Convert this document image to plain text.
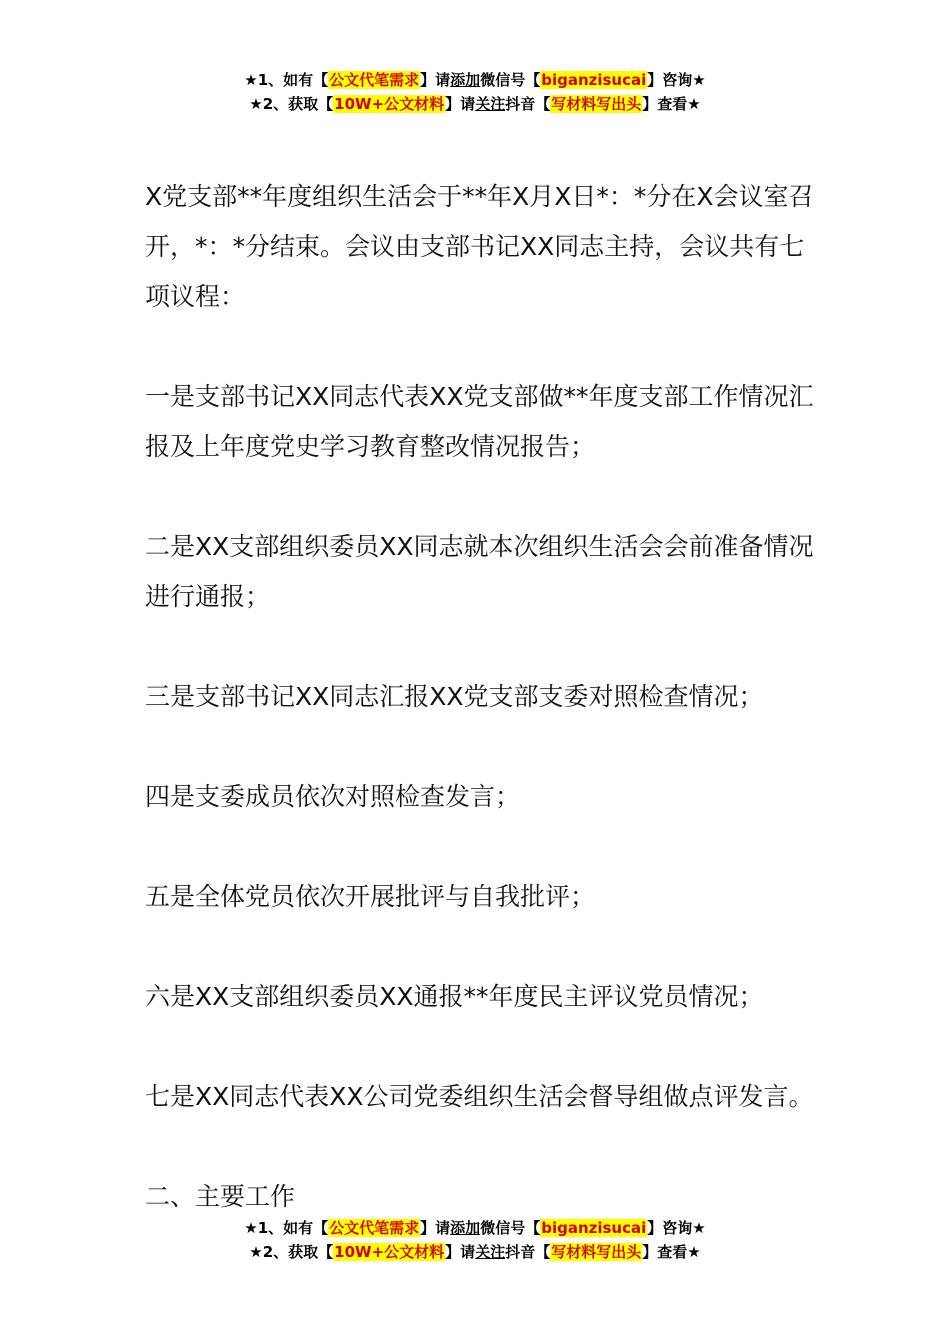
★1、如有【公文代笔需求】请添加微信号【biganzisucai】咨询★
★2、获取【10W+公文材料】请关注抖音【写材料写出头】查看★

X党支部**年度组织生活会于**年X月X日*：*分在X会议室召开，*：*分结束。会议由支部书记XX同志主持，会议共有七项议程：

一是支部书记XX同志代表XX党支部做**年度支部工作情况汇报及上年度党史学习教育整改情况报告；

二是XX支部组织委员XX同志就本次组织生活会会前准备情况进行通报；

三是支部书记XX同志汇报XX党支部支委对照检查情况；

四是支委成员依次对照检查发言；

五是全体党员依次开展批评与自我批评；

六是XX支部组织委员XX通报**年度民主评议党员情况；

七是XX同志代表XX公司党委组织生活会督导组做点评发言。

二、主要工作

★1、如有【公文代笔需求】请添加微信号【biganzisucai】咨询★
★2、获取【10W+公文材料】请关注抖音【写材料写出头】查看★
